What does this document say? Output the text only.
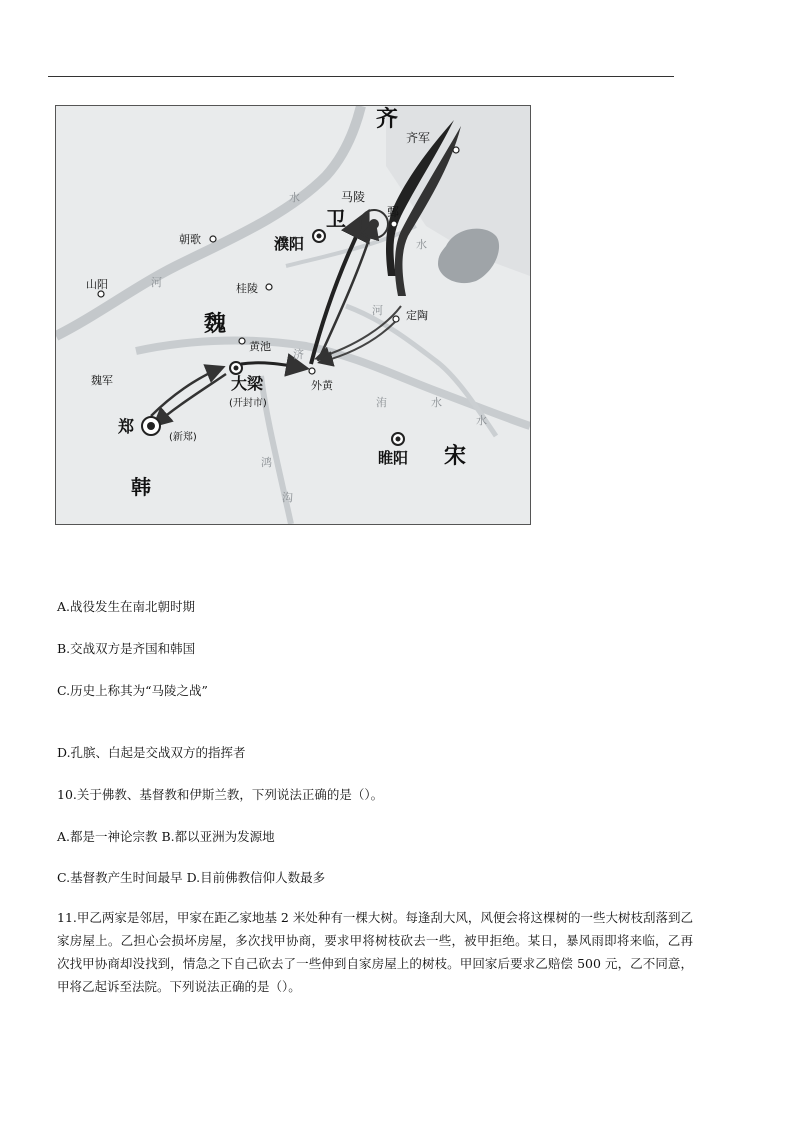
齐
齐军
马陵
鄄
卫
濮阳
朝歌
山阳	桂陵
魏	定陶
黄池
大梁
(开封市)
外黄
魏军
郑
(新郑)
睢阳 宋
韩
水
河
济
水
水
河
洧
水
鸿
沟
A.战役发生在南北朝时期
B.交战双方是齐国和韩国
C.历史上称其为“马陵之战”
D.孔膑、白起是交战双方的指挥者
10.关于佛教、基督教和伊斯兰教，下列说法正确的是（）。
A.都是一神论宗教 B.都以亚洲为发源地
C.基督教产生时间最早 D.目前佛教信仰人数最多
11.甲乙两家是邻居，甲家在距乙家地基 2 米处种有一棵大树。每逢刮大风，风便会将这棵树的一些大树枝刮落到乙家房屋上。乙担心会损坏房屋，多次找甲协商，要求甲将树枝砍去一些，被甲拒绝。某日，暴风雨即将来临，乙再次找甲协商却没找到，情急之下自己砍去了一些伸到自家房屋上的树枝。甲回家后要求乙赔偿 500 元，乙不同意，甲将乙起诉至法院。下列说法正确的是（）。
